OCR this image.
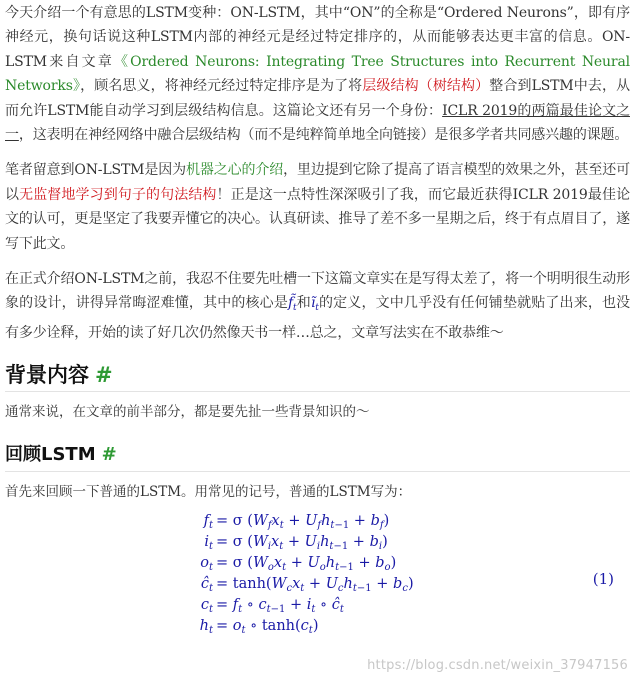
今天介绍一个有意思的LSTM变种：ON-LSTM，其中“ON”的全称是“Ordered Neurons”，即有序神经元，换句话说这种LSTM内部的神经元是经过特定排序的，从而能够表达更丰富的信息。ON-LSTM来自文章《Ordered Neurons: Integrating Tree Structures into Recurrent Neural Networks》，顾名思义，将神经元经过特定排序是为了将层级结构（树结构）整合到LSTM中去，从而允许LSTM能自动学习到层级结构信息。这篇论文还有另一个身份：ICLR 2019的两篇最佳论文之一，这表明在神经网络中融合层级结构（而不是纯粹简单地全向链接）是很多学者共同感兴趣的课题。

笔者留意到ON-LSTM是因为机器之心的介绍，里边提到它除了提高了语言模型的效果之外，甚至还可以无监督地学习到句子的句法结构！正是这一点特性深深吸引了我，而它最近获得ICLR 2019最佳论文的认可，更是坚定了我要弄懂它的决心。认真研读、推导了差不多一星期之后，终于有点眉目了，遂写下此文。

在正式介绍ON-LSTM之前，我忍不住要先吐槽一下这篇文章实在是写得太差了，将一个明明很生动形象的设计，讲得异常晦涩难懂，其中的核心是$f̃_t$和$ĩ_t$的定义，文中几乎没有任何铺垫就贴了出来，也没有多少诠释，开始的读了好几次仍然像天书一样…总之，文章写法实在不敢恭维～

背景内容 #

通常来说，在文章的前半部分，都是要先扯一些背景知识的～

回顾LSTM #

首先来回顾一下普通的LSTM。用常见的记号，普通的LSTM写为：

$f_t = \sigma$ $(W_fx_t + U_fh_{t-1} + b_f)$
$i_t = \sigma$ $(W_ix_t + U_ih_{t-1} + b_i)$
$o_t = \sigma$ $(W_ox_t + U_oh_{t-1} + b_o)$
$ĉ_t = \tanh(W_cx_t + U_ch_{t-1} + b_c)$
$c_t = f_t$ ∘ $c_{t-1} + i_t$ ∘ $ĉ_t$
$h_t = o_t$ ∘ $\tanh(c_t)$
(1)
https://blog.csdn.net/weixin_37947156
